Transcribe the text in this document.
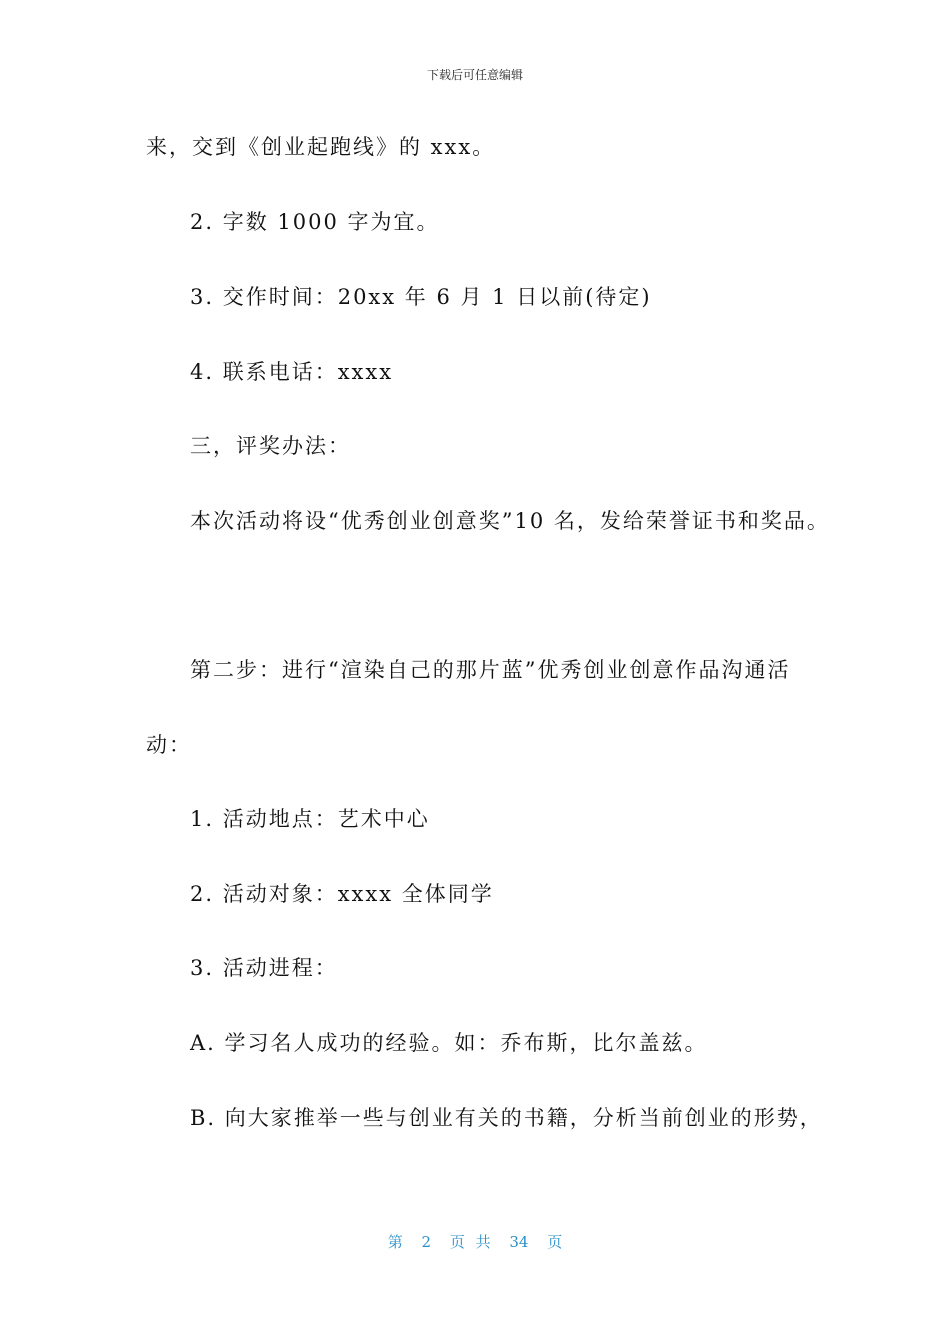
下载后可任意编辑
来，交到《创业起跑线》的 xxx。
2. 字数 1000 字为宜。
3. 交作时间：20xx 年 6 月 1 日以前(待定)
4. 联系电话：xxxx
三，评奖办法：
本次活动将设“优秀创业创意奖”10 名，发给荣誉证书和奖品。
第二步：进行“渲染自己的那片蓝”优秀创业创意作品沟通活
动：
1. 活动地点：艺术中心
2. 活动对象：xxxx 全体同学
3. 活动进程：
A. 学习名人成功的经验。如：乔布斯，比尔盖兹。
B. 向大家推举一些与创业有关的书籍，分析当前创业的形势，
第 2 页 共 34 页
